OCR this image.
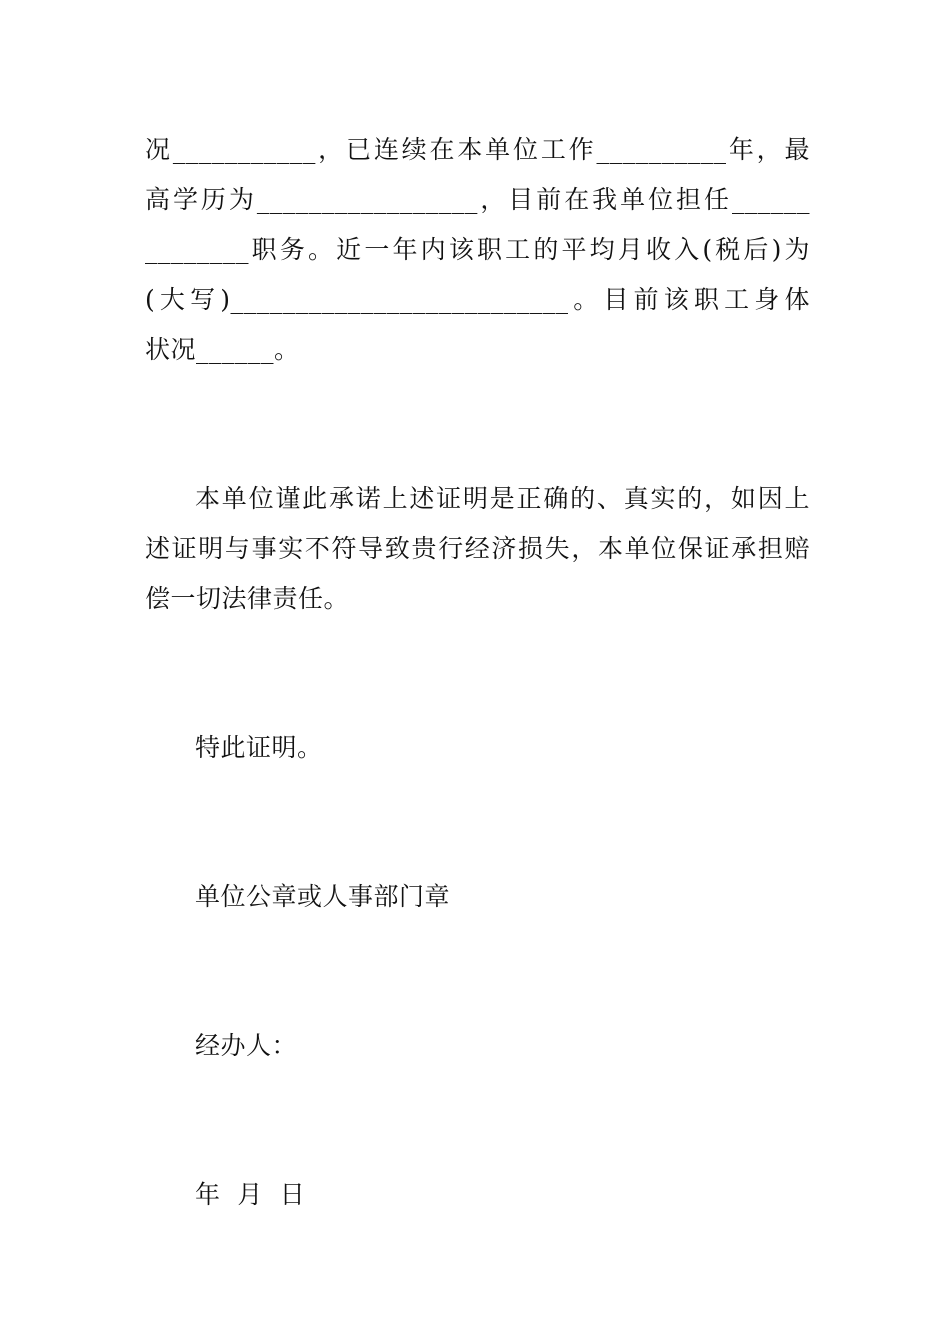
况___________，已连续在本单位工作__________年，最
高学历为_________________，目前在我单位担任______
________职务。近一年内该职工的平均月收入(税后)为
(大写)__________________________。目前该职工身体
状况______。
本单位谨此承诺上述证明是正确的、真实的，如因上
述证明与事实不符导致贵行经济损失，本单位保证承担赔
偿一切法律责任。
特此证明。
单位公章或人事部门章
经办人：
年  月  日
